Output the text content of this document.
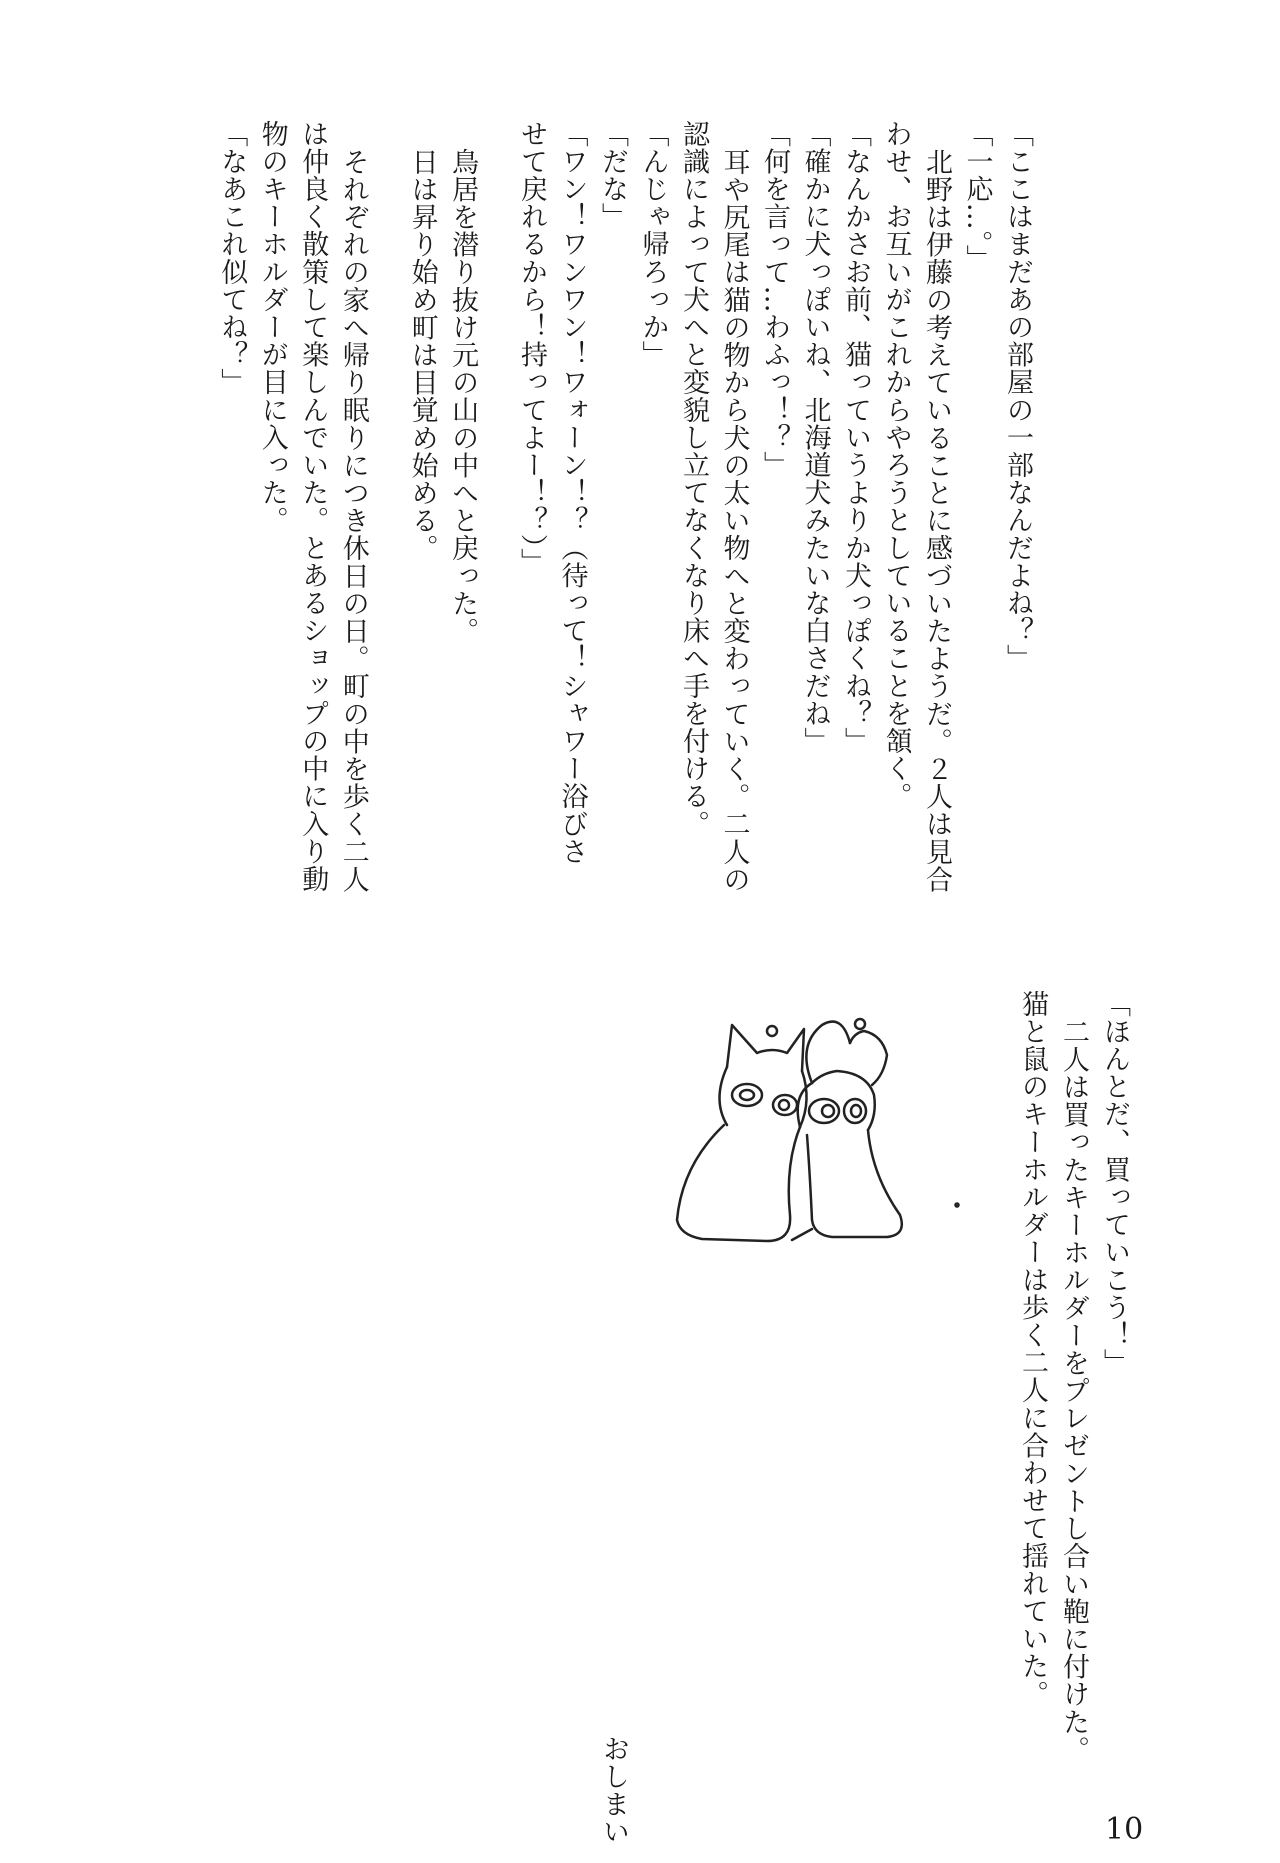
「ここはまだあの部屋の一部なんだよね？」
「一応…。」
北野は伊藤の考えていることに感づいたようだ。２人は見合
わせ、お互いがこれからやろうとしていることを頷く。
「なんかさお前、猫っていうよりか犬っぽくね？」
「確かに犬っぽいね、北海道犬みたいな白さだね」
「何を言って…わふっ！？」
耳や尻尾は猫の物から犬の太い物へと変わっていく。二人の
認識によって犬へと変貌し立てなくなり床へ手を付ける。
「んじゃ帰ろっか」
「だな」
「ワン！ワンワン！ワォーン！？（待って！シャワー浴びさ
せて戻れるから！持ってよー！？）」
鳥居を潜り抜け元の山の中へと戻った。
日は昇り始め町は目覚め始める。
それぞれの家へ帰り眠りにつき休日の日。町の中を歩く二人
は仲良く散策して楽しんでいた。とあるショップの中に入り動
物のキーホルダーが目に入った。
「なあこれ似てね？」
おしまい	10
「ほんとだ、買っていこう！」
二人は買ったキーホルダーをプレゼントし合い鞄に付けた。
猫と鼠のキーホルダーは歩く二人に合わせて揺れていた。
